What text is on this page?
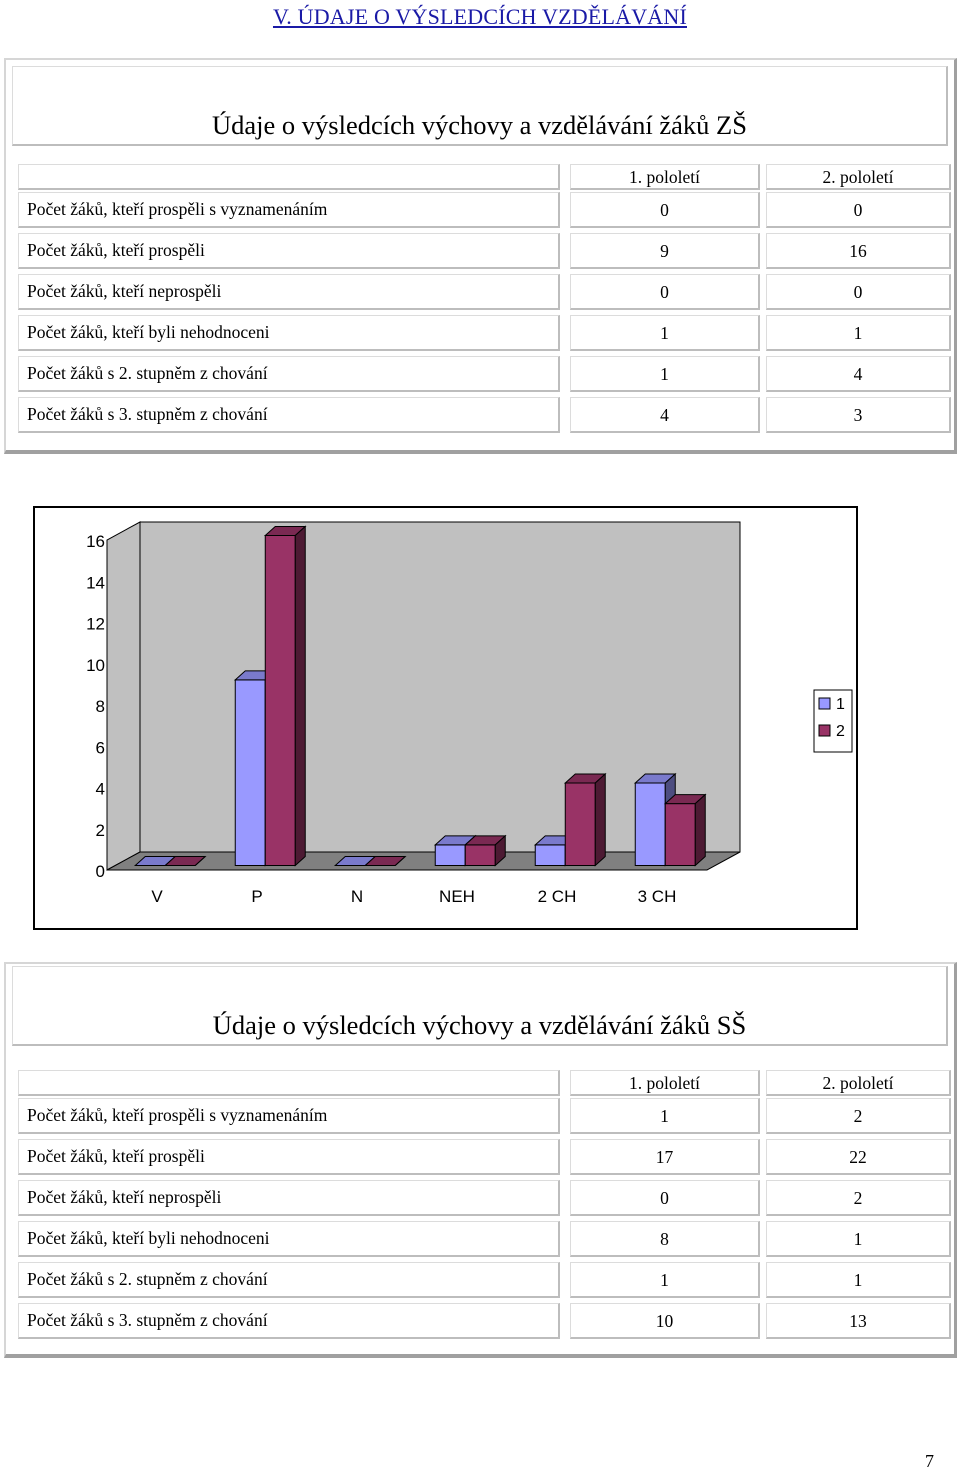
V. ÚDAJE O VÝSLEDCÍCH VZDĚLÁVÁNÍ
Údaje o výsledcích výchovy a vzdělávání žáků ZŠ
1. pololetí	2. pololetí
Počet žáků, kteří prospěli s vyznamenáním	0	0
Počet žáků, kteří prospěli	9	16
Počet žáků, kteří neprospěli	0	0
Počet žáků, kteří byli nehodnoceni	1	1
Počet žáků s 2. stupněm z chování	1	4
Počet žáků s 3. stupněm z chování	4	3
0
2
4
6
8
10
12
14
16
V	P	N	NEH	2 CH	3 CH
1
2
Údaje o výsledcích výchovy a vzdělávání žáků SŠ
1. pololetí	2. pololetí
Počet žáků, kteří prospěli s vyznamenáním	1	2
Počet žáků, kteří prospěli	17	22
Počet žáků, kteří neprospěli	0	2
Počet žáků, kteří byli nehodnoceni	8	1
Počet žáků s 2. stupněm z chování	1	1
Počet žáků s 3. stupněm z chování	10	13
7
